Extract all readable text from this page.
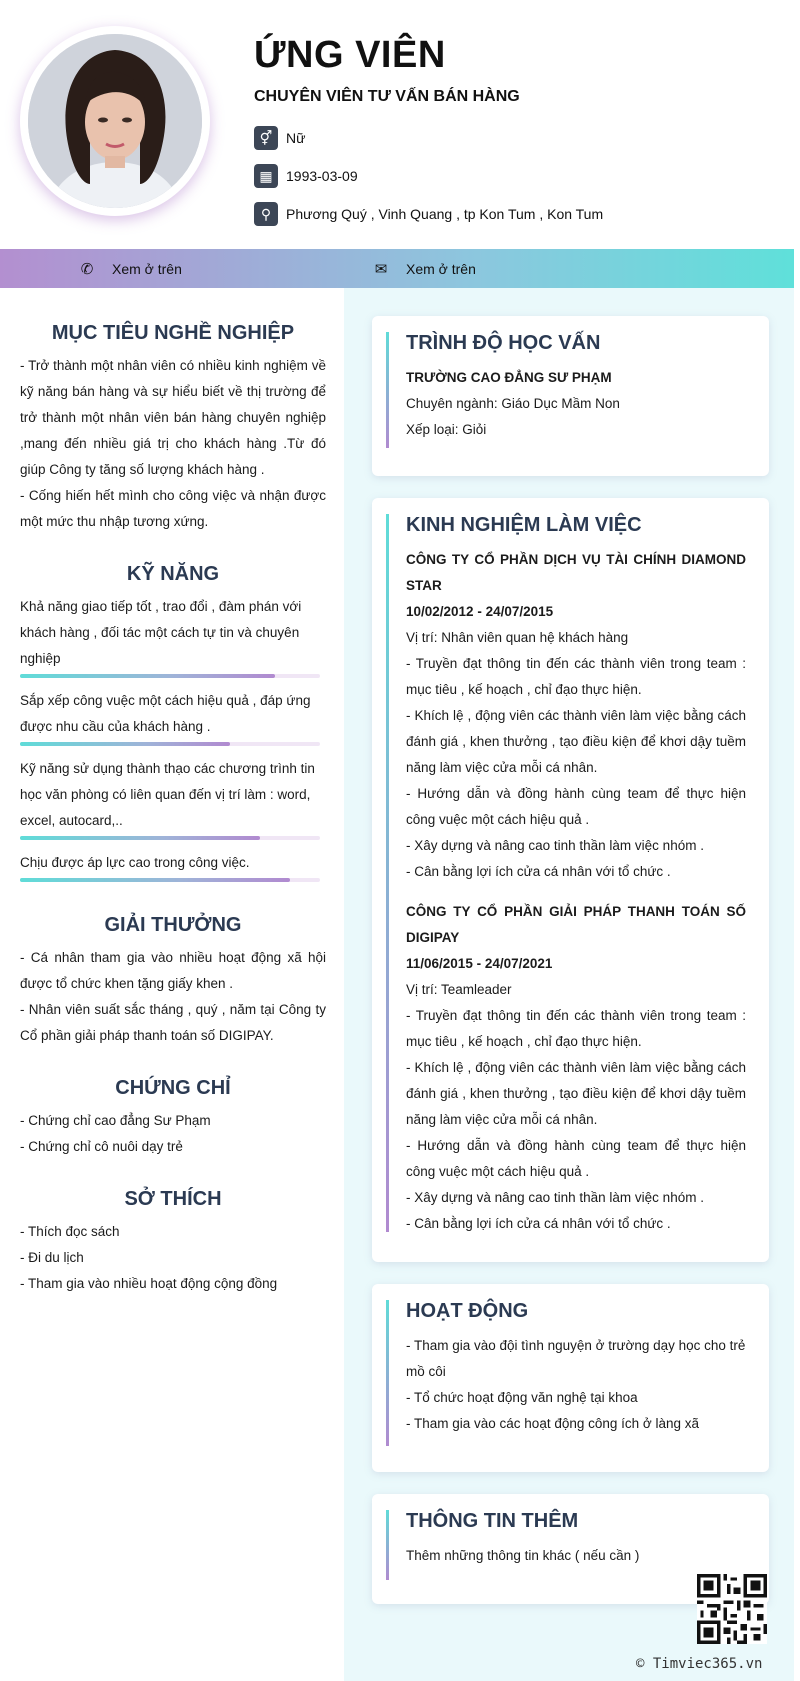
ỨNG VIÊN
CHUYÊN VIÊN TƯ VẤN BÁN HÀNG
⚥ Nữ
▦ 1993-03-09
⚲	Phương Quý , Vinh Quang , tp Kon Tum , Kon Tum
✆	Xem ở trên	✉	Xem ở trên
MỤC TIÊU NGHỀ NGHIỆP
- Trở thành một nhân viên có nhiều kinh nghiệm về kỹ năng bán hàng và sự hiểu biết về thị trường để trở thành một nhân viên bán hàng chuyên nghiệp ,mang đến nhiều giá trị cho khách hàng .Từ đó giúp Công ty tăng số lượng khách hàng .
- Cống hiến hết mình cho công việc và nhận được một mức thu nhập tương xứng.
KỸ NĂNG
Khả năng giao tiếp tốt , trao đổi , đàm phán với khách hàng , đối tác một cách tự tin và chuyên nghiệp
Sắp xếp công vuệc một cách hiệu quả , đáp ứng được nhu cầu của khách hàng .
Kỹ năng sử dụng thành thạo các chương trình tin học văn phòng có liên quan đến vị trí làm : word, excel, autocard,..
Chịu được áp lực cao trong công việc.
GIẢI THƯỞNG
- Cá nhân tham gia vào nhiều hoạt động xã hội được tổ chức khen tặng giấy khen .
- Nhân viên suất sắc tháng , quý , năm tại Công ty Cổ phần giải pháp thanh toán số DIGIPAY.
CHỨNG CHỈ
- Chứng chỉ cao đẳng Sư Phạm
- Chứng chỉ cô nuôi dạy trẻ
SỞ THÍCH
- Thích đọc sách
- Đi du lịch
- Tham gia vào nhiều hoạt động cộng đồng
TRÌNH ĐỘ HỌC VẤN
TRƯỜNG CAO ĐẲNG SƯ PHẠM
Chuyên ngành: Giáo Dục Mầm Non
Xếp loại: Giỏi
KINH NGHIỆM LÀM VIỆC
CÔNG TY CỔ PHẦN DỊCH VỤ TÀI CHÍNH DIAMOND STAR
10/02/2012 - 24/07/2015
Vị trí: Nhân viên quan hệ khách hàng
- Truyền đạt thông tin đến các thành viên trong team : mục tiêu , kế hoạch , chỉ đạo thực hiện.
- Khích lệ , động viên các thành viên làm việc bằng cách đánh giá , khen thưởng , tạo điều kiện để khơi dậy tuềm năng làm việc cửa mỗi cá nhân.
- Hướng dẫn và đồng hành cùng team để thực hiện công vuệc một cách hiệu quả .
- Xây dựng và nâng cao tinh thần làm việc nhóm .
- Cân bằng lợi ích cửa cá nhân với tổ chức .
CÔNG TY CỔ PHẦN GIẢI PHÁP THANH TOÁN SỐ DIGIPAY
11/06/2015 - 24/07/2021
Vị trí: Teamleader
- Truyền đạt thông tin đến các thành viên trong team : mục tiêu , kế hoạch , chỉ đạo thực hiện.
- Khích lệ , động viên các thành viên làm việc bằng cách đánh giá , khen thưởng , tạo điều kiện để khơi dậy tuềm năng làm việc cửa mỗi cá nhân.
- Hướng dẫn và đồng hành cùng team để thực hiện công vuệc một cách hiệu quả .
- Xây dựng và nâng cao tinh thần làm việc nhóm .
- Cân bằng lợi ích cửa cá nhân với tổ chức .
HOẠT ĐỘNG
- Tham gia vào đội tình nguyện ở trường dạy học cho trẻ mồ côi
- Tổ chức hoạt động văn nghệ tại khoa
- Tham gia vào các hoạt động công ích ở làng xã
THÔNG TIN THÊM
Thêm những thông tin khác ( nếu cần )
© Timviec365.vn
